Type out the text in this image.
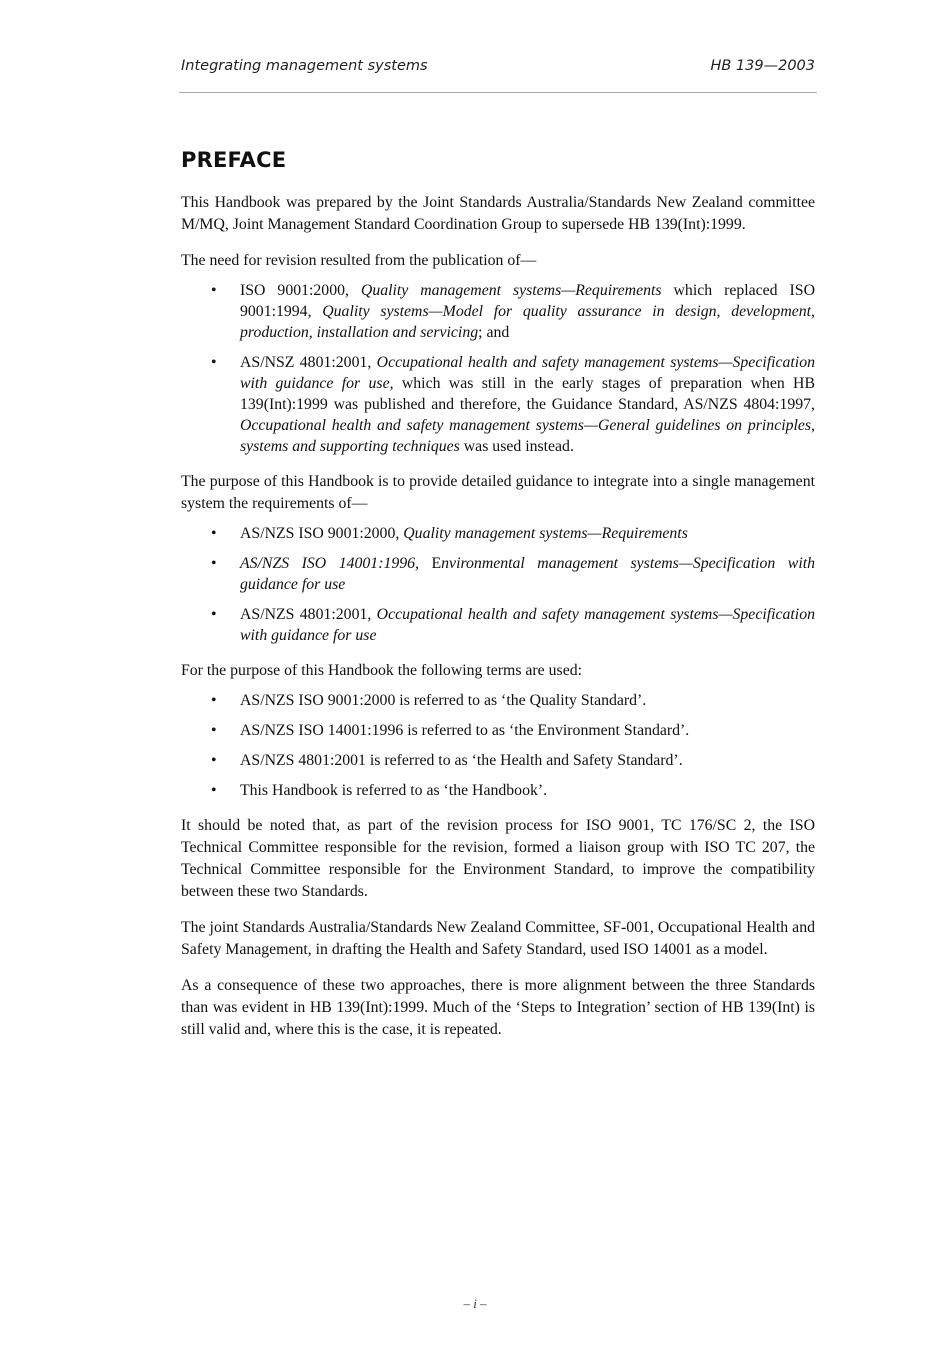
Integrating management systems	HB 139—2003
PREFACE

This Handbook was prepared by the Joint Standards Australia/Standards New Zealand committee M/MQ, Joint Management Standard Coordination Group to supersede HB 139(Int):1999.

The need for revision resulted from the publication of—

• ISO 9001:2000, Quality management systems—Requirements which replaced ISO 9001:1994, Quality systems—Model for quality assurance in design, development, production, installation and servicing; and
• AS/NSZ 4801:2001, Occupational health and safety management systems—Specification with guidance for use, which was still in the early stages of preparation when HB 139(Int):1999 was published and therefore, the Guidance Standard, AS/NZS 4804:1997, Occupational health and safety management systems—General guidelines on principles, systems and supporting techniques was used instead.

The purpose of this Handbook is to provide detailed guidance to integrate into a single management system the requirements of—

• AS/NZS ISO 9001:2000, Quality management systems—Requirements
• AS/NZS ISO 14001:1996, Environmental management systems—Specification with guidance for use
• AS/NZS 4801:2001, Occupational health and safety management systems—Specification with guidance for use

For the purpose of this Handbook the following terms are used:

• AS/NZS ISO 9001:2000 is referred to as ‘the Quality Standard’.
• AS/NZS ISO 14001:1996 is referred to as ‘the Environment Standard’.
• AS/NZS 4801:2001 is referred to as ‘the Health and Safety Standard’.
• This Handbook is referred to as ‘the Handbook’.

It should be noted that, as part of the revision process for ISO 9001, TC 176/SC 2, the ISO Technical Committee responsible for the revision, formed a liaison group with ISO TC 207, the Technical Committee responsible for the Environment Standard, to improve the compatibility between these two Standards.

The joint Standards Australia/Standards New Zealand Committee, SF-001, Occupational Health and Safety Management, in drafting the Health and Safety Standard, used ISO 14001 as a model.

As a consequence of these two approaches, there is more alignment between the three Standards than was evident in HB 139(Int):1999. Much of the ‘Steps to Integration’ section of HB 139(Int) is still valid and, where this is the case, it is repeated.

– i –
